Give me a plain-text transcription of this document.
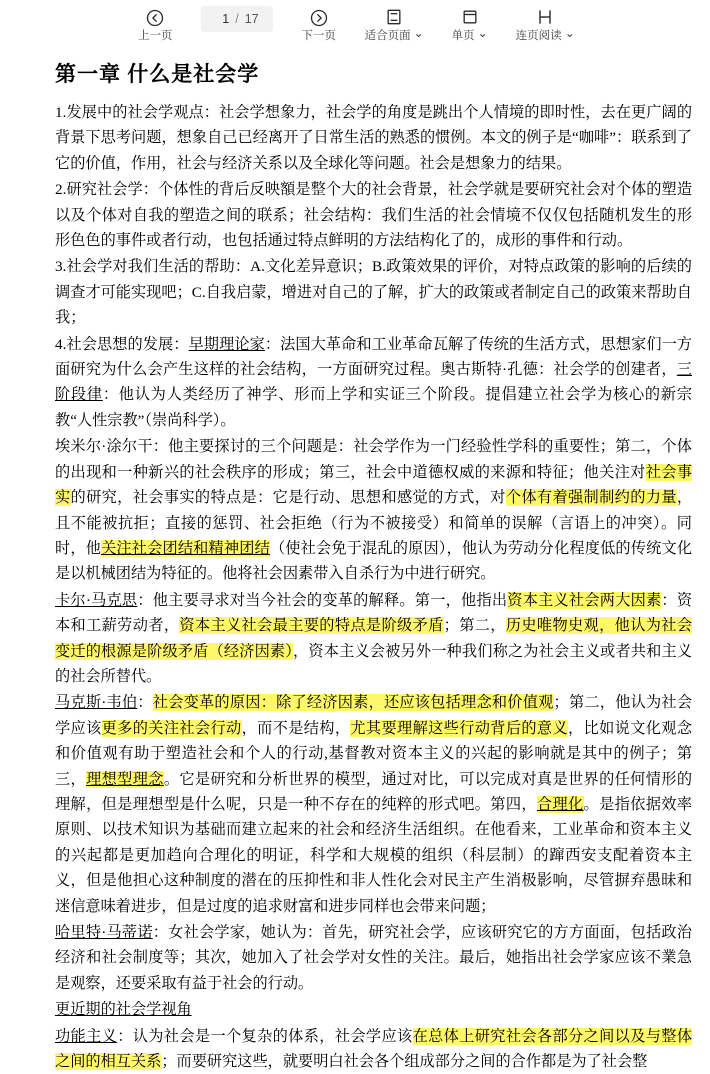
上一页
1 / 17
下一页	适合页面 ⌄	单页 ⌄	连页阅读 ⌄
第一章 什么是社会学

1.发展中的社会学观点：社会学想象力，社会学的角度是跳出个人情境的即时性，去在更广阔的背景下思考问题，想象自己已经离开了日常生活的熟悉的惯例。本文的例子是“咖啡”：联系到了它的价值，作用，社会与经济关系以及全球化等问题。社会是想象力的结果。

2.研究社会学：个体性的背后反映額是整个大的社会背景，社会学就是要研究社会对个体的塑造以及个体对自我的塑造之间的联系；社会结构：我们生活的社会情境不仅仅包括随机发生的形形色色的事件或者行动，也包括通过特点鲜明的方法结构化了的，成形的事件和行动。

3.社会学对我们生活的帮助：A.文化差异意识；B.政策效果的评价，对特点政策的影响的后续的调查才可能实现吧；C.自我启蒙，增进对自己的了解，扩大的政策或者制定自己的政策来帮助自我；

4.社会思想的发展：早期理论家：法国大革命和工业革命瓦解了传统的生活方式，思想家们一方面研究为什么会产生这样的社会结构，一方面研究过程。奥古斯特·孔德：社会学的创建者，三阶段律：他认为人类经历了神学、形而上学和实证三个阶段。提倡建立社会学为核心的新宗教“人性宗教”（崇尚科学）。

埃米尔·涂尔干：他主要探讨的三个问题是：社会学作为一门经验性学科的重要性；第二，个体的出现和一种新兴的社会秩序的形成；第三，社会中道德权威的来源和特征；他关注对社会事实的研究，社会事实的特点是：它是行动、思想和感觉的方式，对个体有着强制制约的力量，且不能被抗拒；直接的惩罚、社会拒绝（行为不被接受）和简单的误解（言语上的冲突）。同时，他关注社会团结和精神团结（使社会免于混乱的原因），他认为劳动分化程度低的传统文化是以机械团结为特征的。他将社会因素带入自杀行为中进行研究。

卡尔·马克思：他主要寻求对当今社会的变革的解释。第一，他指出资本主义社会两大因素：资本和工薪劳动者，资本主义社会最主要的特点是阶级矛盾；第二，历史唯物史观，他认为社会变迁的根源是阶级矛盾（经济因素），资本主义会被另外一种我们称之为社会主义或者共和主义的社会所替代。

马克斯·韦伯：社会变革的原因：除了经济因素，还应该包括理念和价值观；第二，他认为社会学应该更多的关注社会行动，而不是结构，尤其要理解这些行动背后的意义，比如说文化观念和价值观有助于塑造社会和个人的行动,基督教对资本主义的兴起的影响就是其中的例子；第三，理想型理念。它是研究和分析世界的模型，通过对比，可以完成对真是世界的任何情形的理解，但是理想型是什么呢，只是一种不存在的纯粹的形式吧。第四，合理化。是指依据效率原则、以技术知识为基础而建立起来的社会和经济生活组织。在他看来，工业革命和资本主义的兴起都是更加趋向合理化的明证，科学和大规模的组织（科层制）的蹿西安支配着资本主义，但是他担心这种制度的潜在的压抑性和非人性化会对民主产生消极影响，尽管摒弃愚昧和迷信意味着进步，但是过度的追求财富和进步同样也会带来问题；

哈里特·马蒂诺：女社会学家，她认为：首先，研究社会学，应该研究它的方方面面，包括政治经济和社会制度等；其次，她加入了社会学对女性的关注。最后，她指出社会学家应该不業急是观察，还要采取有益于社会的行动。

更近期的社会学视角

功能主义：认为社会是一个复杂的体系，社会学应该在总体上研究社会各部分之间以及与整体之间的相互关系；而要研究这些，就要明白社会各个组成部分之间的合作都是为了社会整
